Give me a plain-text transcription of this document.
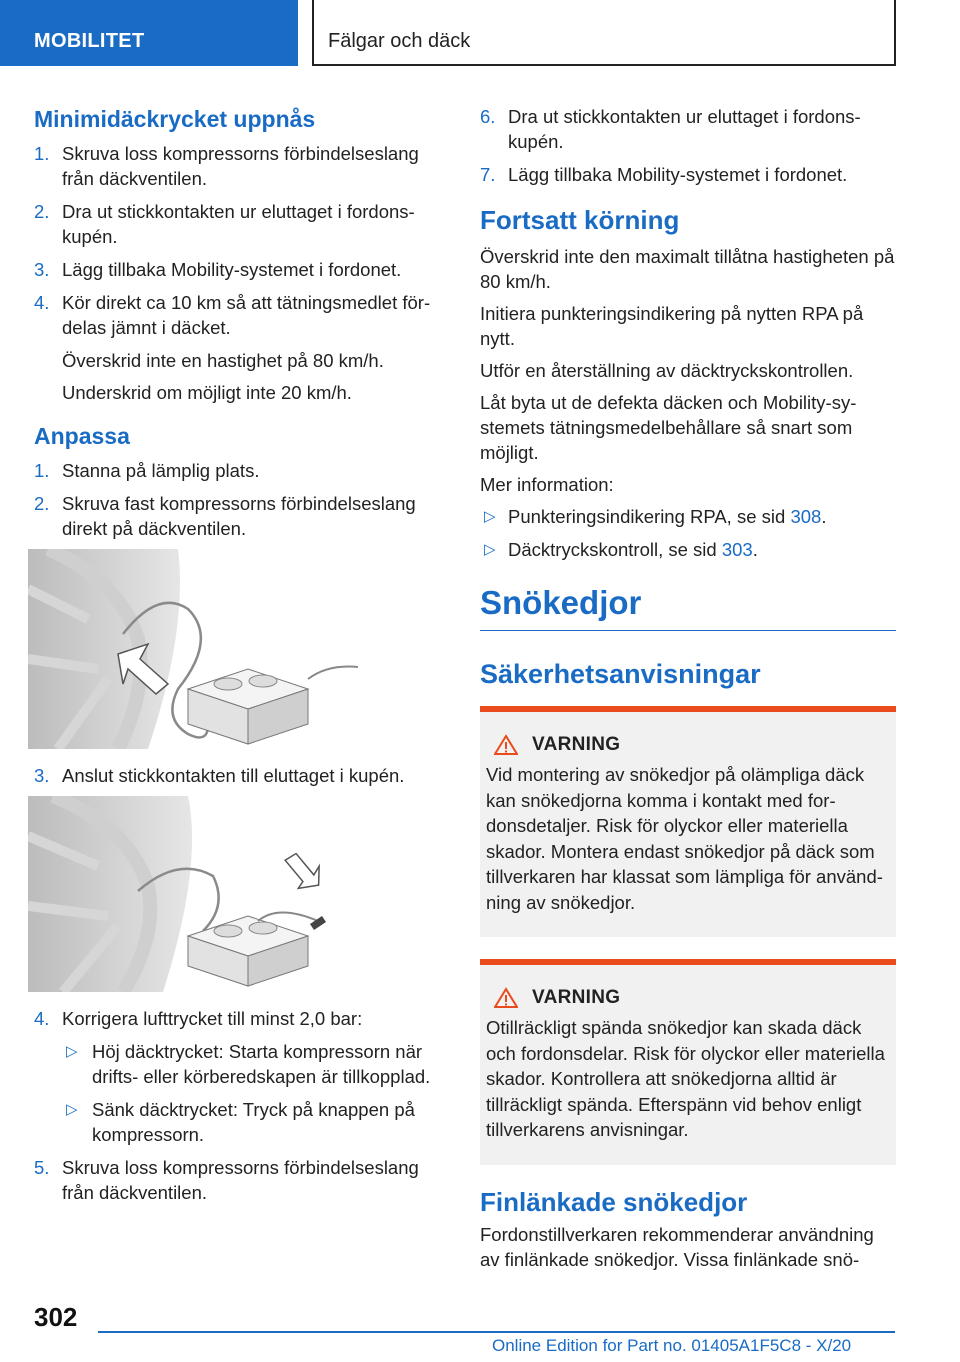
MOBILITET	Fälgar och däck
Minimidäckrycket uppnås
1. Skruva loss kompressorns förbindelseslang från däckventilen.
2. Dra ut stickkontakten ur eluttaget i fordonskupén.
3. Lägg tillbaka Mobility-systemet i fordonet.
4. Kör direkt ca 10 km så att tätningsmedlet fördelas jämnt i däcket.

Överskrid inte en hastighet på 80 km/h.

Underskrid om möjligt inte 20 km/h.

Anpassa
1. Stanna på lämplig plats.
2. Skruva fast kompressorns förbindelseslang direkt på däckventilen.
3. Anslut stickkontakten till eluttaget i kupén.
4. Korrigera lufttrycket till minst 2,0 bar:
▷ Höj däcktrycket: Starta kompressorn när drifts- eller körberedskapen är tillkopplad.
▷ Sänk däcktrycket: Tryck på knappen på kompressorn.
5. Skruva loss kompressorns förbindelseslang från däckventilen.
6. Dra ut stickkontakten ur eluttaget i fordonskupén.
7. Lägg tillbaka Mobility-systemet i fordonet.
Fortsatt körning

Överskrid inte den maximalt tillåtna hastigheten på 80 km/h.

Initiera punkteringsindikering på nytten RPA på nytt.

Utför en återställning av däcktryckskontrollen.

Låt byta ut de defekta däcken och Mobility-systemets tätningsmedelbehållare så snart som möjligt.

Mer information:

▷ Punkteringsindikering RPA, se sid 308.
▷ Däcktryckskontroll, se sid 303.
Snökedjor
Säkerhetsanvisningar
VARNING

Vid montering av snökedjor på olämpliga däck kan snökedjorna komma i kontakt med fordonsdetaljer. Risk för olyckor eller materiella skador. Montera endast snökedjor på däck som tillverkaren har klassat som lämpliga för användning av snökedjor.

VARNING

Otillräckligt spända snökedjor kan skada däck och fordonsdelar. Risk för olyckor eller materiella skador. Kontrollera att snökedjorna alltid är tillräckligt spända. Efterspänn vid behov enligt tillverkarens anvisningar.

Finlänkade snökedjor

Fordonstillverkaren rekommenderar användning av finlänkade snökedjor. Vissa finlänkade snö-

302
Online Edition for Part no. 01405A1F5C8 - X/20
